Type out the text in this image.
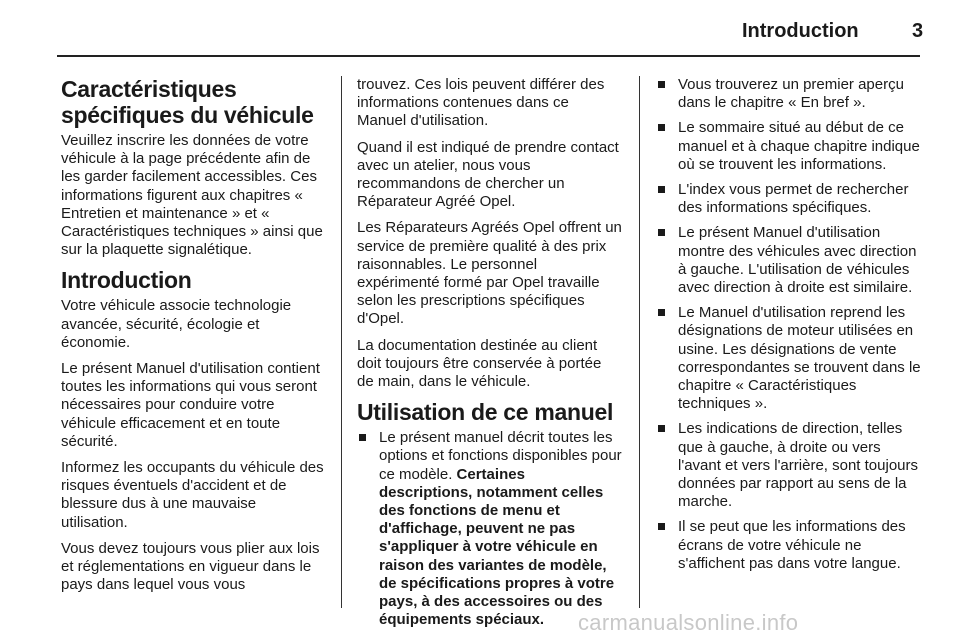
Introduction	3
Caractéristiques spécifiques du véhicule

Veuillez inscrire les données de votre véhicule à la page précédente afin de les garder facilement accessibles. Ces informations figurent aux chapitres « Entretien et maintenance » et « Caractéristiques techniques » ainsi que sur la plaquette signalétique.

Introduction

Votre véhicule associe technologie avancée, sécurité, écologie et économie.

Le présent Manuel d'utilisation contient toutes les informations qui vous seront nécessaires pour conduire votre véhicule efficacement et en toute sécurité.

Informez les occupants du véhicule des risques éventuels d'accident et de blessure dus à une mauvaise utilisation.

Vous devez toujours vous plier aux lois et réglementations en vigueur dans le pays dans lequel vous vous

trouvez. Ces lois peuvent différer des informations contenues dans ce Manuel d'utilisation.

Quand il est indiqué de prendre contact avec un atelier, nous vous recommandons de chercher un Réparateur Agréé Opel.

Les Réparateurs Agréés Opel offrent un service de première qualité à des prix raisonnables. Le personnel expérimenté formé par Opel travaille selon les prescriptions spécifiques d'Opel.

La documentation destinée au client doit toujours être conservée à portée de main, dans le véhicule.

Utilisation de ce manuel
Le présent manuel décrit toutes les options et fonctions disponibles pour ce modèle. Certaines descriptions, notamment celles des fonctions de menu et d'affichage, peuvent ne pas s'appliquer à votre véhicule en raison des variantes de modèle, de spécifications propres à votre pays, à des accessoires ou des équipements spéciaux.
Vous trouverez un premier aperçu dans le chapitre « En bref ».
Le sommaire situé au début de ce manuel et à chaque chapitre indique où se trouvent les informations.
L'index vous permet de rechercher des informations spécifiques.
Le présent Manuel d'utilisation montre des véhicules avec direction à gauche. L'utilisation de véhicules avec direction à droite est similaire.
Le Manuel d'utilisation reprend les désignations de moteur utilisées en usine. Les désignations de vente correspondantes se trouvent dans le chapitre « Caractéristiques techniques ».
Les indications de direction, telles que à gauche, à droite ou vers l'avant et vers l'arrière, sont toujours données par rapport au sens de la marche.
Il se peut que les informations des écrans de votre véhicule ne s'affichent pas dans votre langue.
carmanualsonline.info
